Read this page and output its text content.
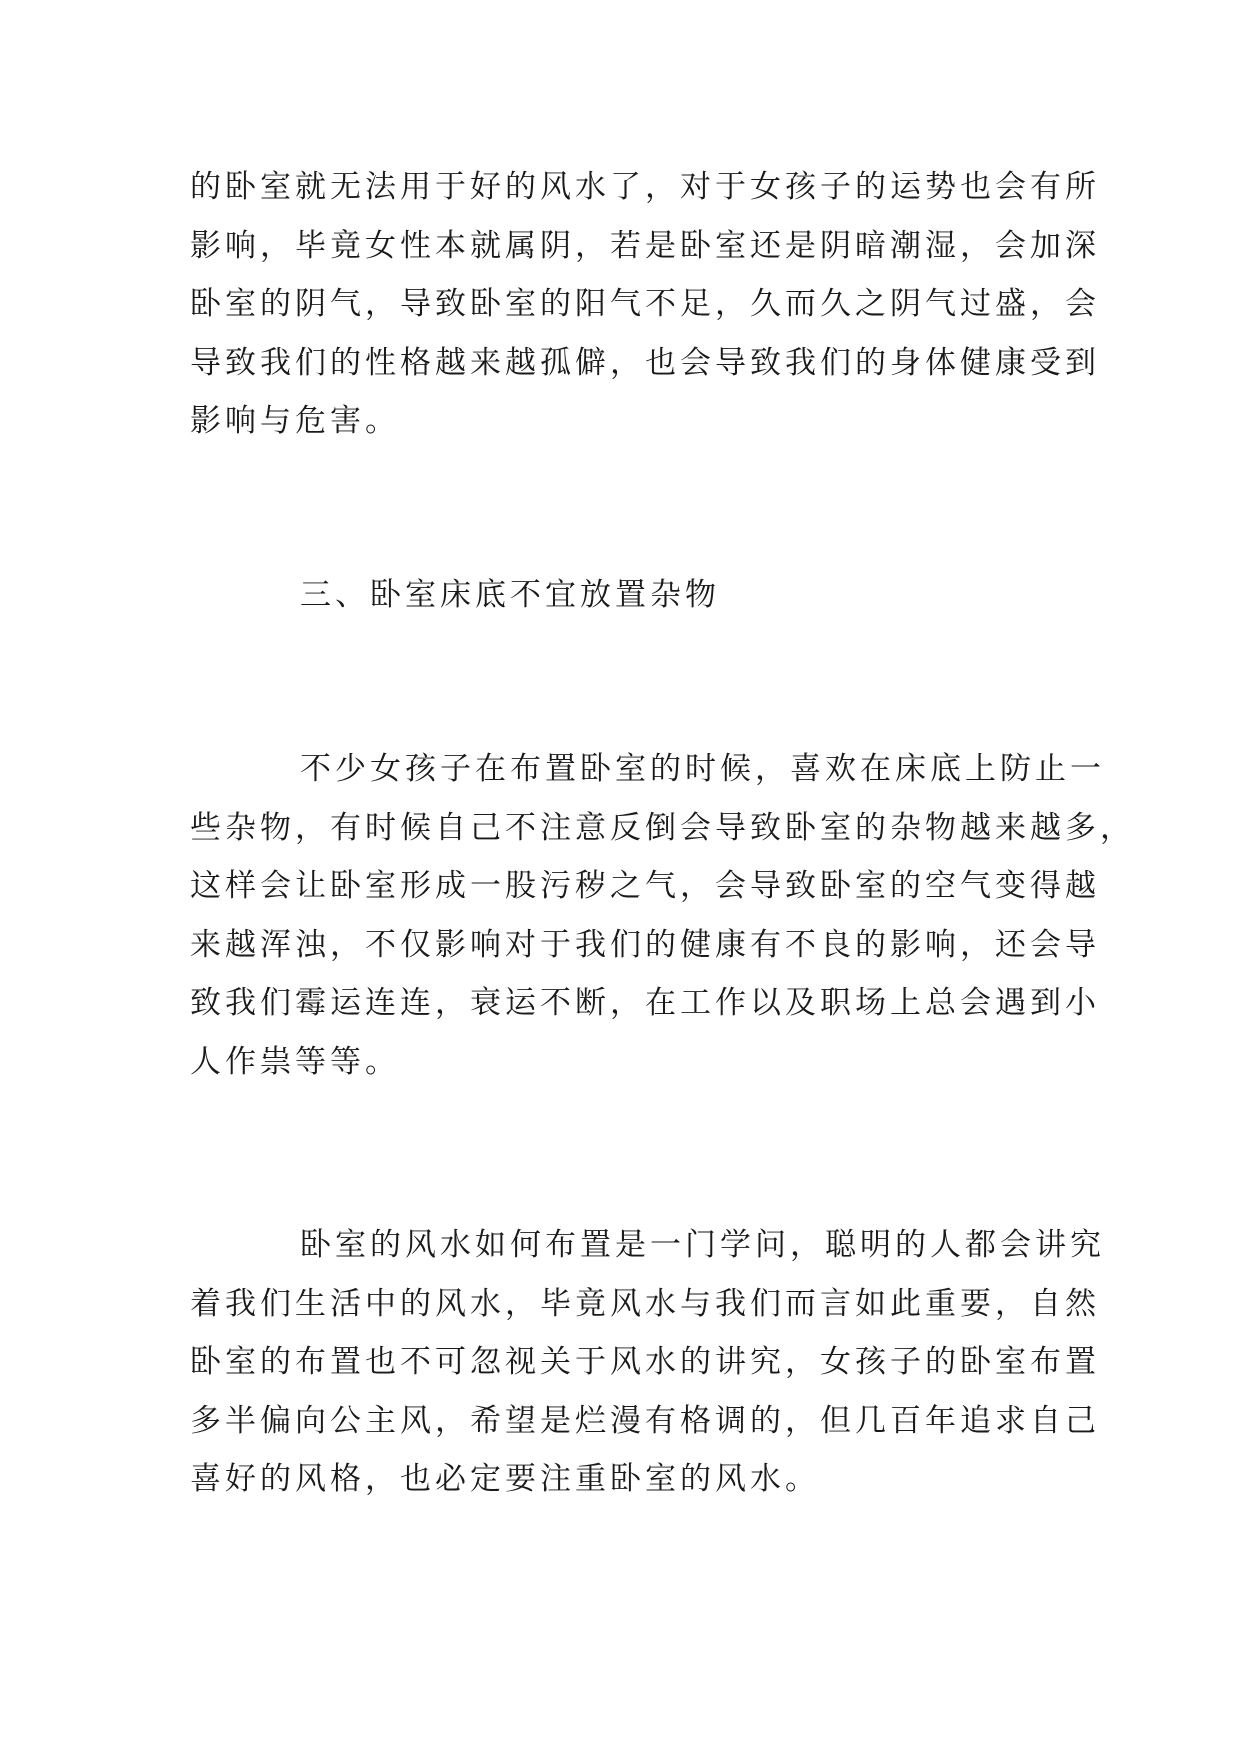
的卧室就无法用于好的风水了，对于女孩子的运势也会有所
影响，毕竟女性本就属阴，若是卧室还是阴暗潮湿，会加深
卧室的阴气，导致卧室的阳气不足，久而久之阴气过盛，会
导致我们的性格越来越孤僻，也会导致我们的身体健康受到
影响与危害。

三、卧室床底不宜放置杂物

不少女孩子在布置卧室的时候，喜欢在床底上防止一
些杂物，有时候自己不注意反倒会导致卧室的杂物越来越多，
这样会让卧室形成一股污秽之气，会导致卧室的空气变得越
来越浑浊，不仅影响对于我们的健康有不良的影响，还会导
致我们霉运连连，衰运不断，在工作以及职场上总会遇到小
人作祟等等。

卧室的风水如何布置是一门学问，聪明的人都会讲究
着我们生活中的风水，毕竟风水与我们而言如此重要，自然
卧室的布置也不可忽视关于风水的讲究，女孩子的卧室布置
多半偏向公主风，希望是烂漫有格调的，但几百年追求自己
喜好的风格，也必定要注重卧室的风水。
